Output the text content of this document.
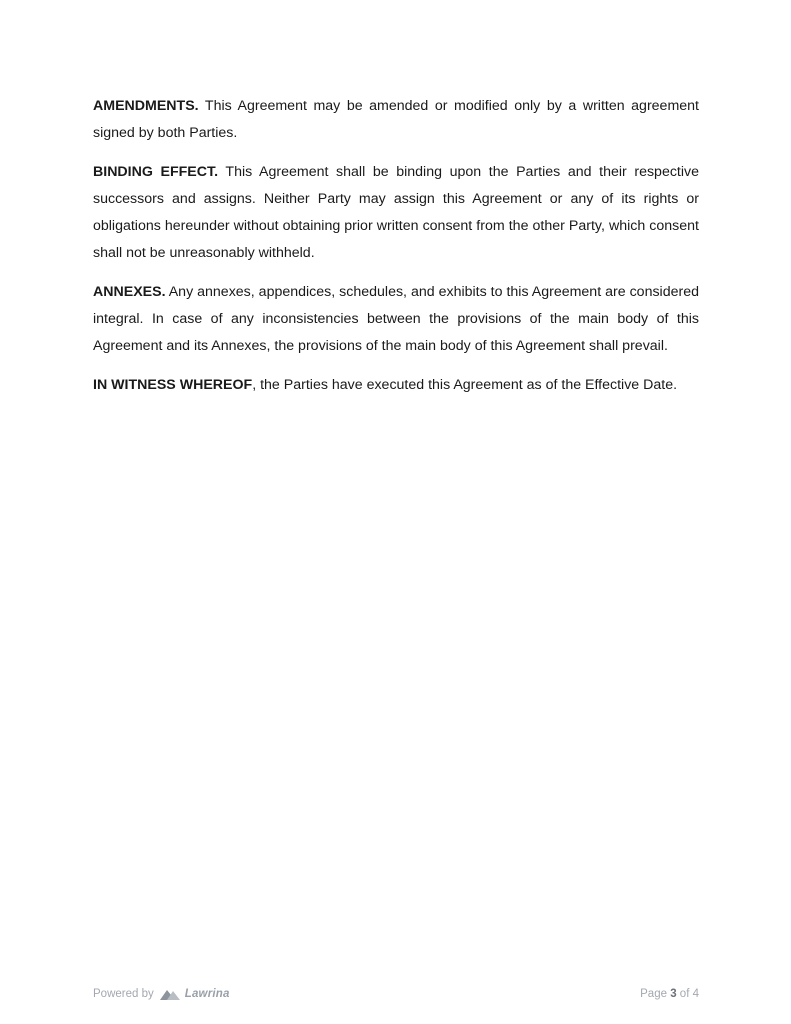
AMENDMENTS. This Agreement may be amended or modified only by a written agreement signed by both Parties.

BINDING EFFECT. This Agreement shall be binding upon the Parties and their respective successors and assigns. Neither Party may assign this Agreement or any of its rights or obligations hereunder without obtaining prior written consent from the other Party, which consent shall not be unreasonably withheld.

ANNEXES. Any annexes, appendices, schedules, and exhibits to this Agreement are considered integral. In case of any inconsistencies between the provisions of the main body of this Agreement and its Annexes, the provisions of the main body of this Agreement shall prevail.

IN WITNESS WHEREOF, the Parties have executed this Agreement as of the Effective Date.

Powered by	Lawrina	Page 3 of 4
